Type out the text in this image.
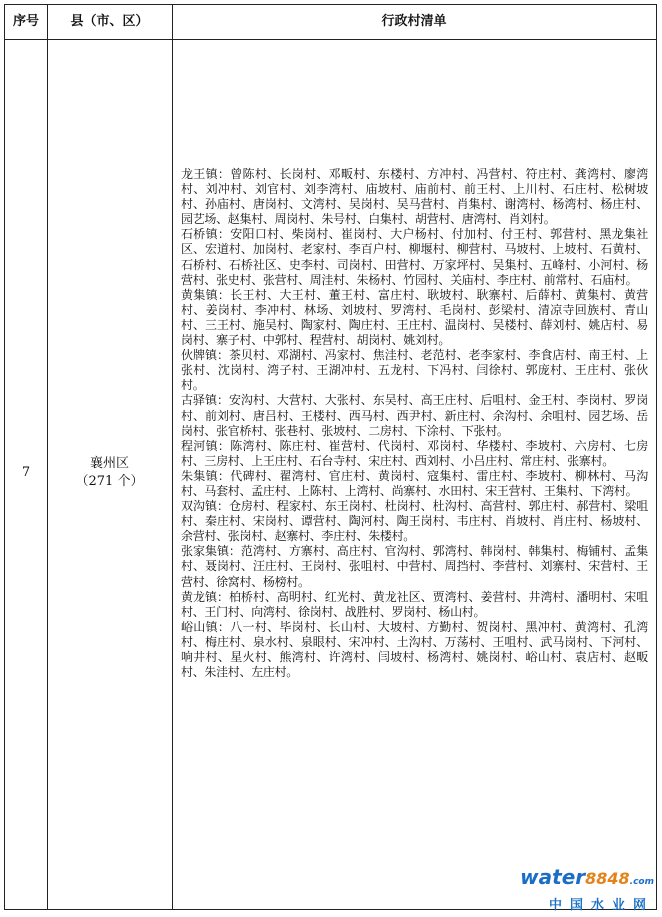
序号	县（市、区）	行政村清单
7
襄州区
（271 个）

龙王镇：曾陈村、长岗村、邓畈村、东楼村、方冲村、冯营村、符庄村、龚湾村、廖湾村、刘冲村、刘官村、刘李湾村、庙坡村、庙前村、前王村、上川村、石庄村、松树坡村、孙庙村、唐岗村、文湾村、吴岗村、吴马营村、肖集村、谢湾村、杨湾村、杨庄村、园艺场、赵集村、周岗村、朱号村、白集村、胡营村、唐湾村、肖刘村。

石桥镇：安阳口村、柴岗村、崔岗村、大户杨村、付加村、付王村、郭营村、黑龙集社区、宏道村、加岗村、老家村、李百户村、柳堰村、柳营村、马坡村、上坡村、石黄村、石桥村、石桥社区、史李村、司岗村、田营村、万家坪村、吴集村、五峰村、小河村、杨营村、张史村、张营村、周洼村、朱杨村、竹园村、关庙村、李庄村、前常村、石庙村。

黄集镇：长王村、大王村、董王村、富庄村、耿坡村、耿寨村、后薛村、黄集村、黄营村、姜岗村、李冲村、林场、刘坡村、罗湾村、毛岗村、彭梁村、清凉寺回族村、青山村、三王村、施吴村、陶家村、陶庄村、王庄村、温岗村、吴楼村、薛刘村、姚店村、易岗村、寨子村、中郭村、程营村、胡岗村、姚刘村。

伙牌镇：茶贝村、邓湖村、冯家村、焦洼村、老范村、老李家村、李食店村、南王村、上张村、沈岗村、湾子村、王湖冲村、五龙村、下冯村、闫徐村、郭庞村、王庄村、张伙村。

古驿镇：安沟村、大营村、大张村、东吴村、高王庄村、后咀村、金王村、李岗村、罗岗村、前刘村、唐吕村、王楼村、西马村、西尹村、新庄村、余沟村、余咀村、园艺场、岳岗村、张官桥村、张巷村、张坡村、二房村、下涂村、下张村。

程河镇：陈湾村、陈庄村、崔营村、代岗村、邓岗村、华楼村、李坡村、六房村、七房村、三房村、上王庄村、石台寺村、宋庄村、西刘村、小吕庄村、常庄村、张寨村。

朱集镇：代碑村、翟湾村、官庄村、黄岗村、寇集村、雷庄村、李坡村、柳林村、马沟村、马套村、孟庄村、上陈村、上湾村、尚寨村、水田村、宋王营村、王集村、下湾村。

双沟镇：仓房村、程家村、东王岗村、杜岗村、杜沟村、高营村、郭庄村、郝营村、梁咀村、秦庄村、宋岗村、谭营村、陶河村、陶王岗村、韦庄村、肖坡村、肖庄村、杨坡村、余营村、张岗村、赵寨村、李庄村、朱楼村。

张家集镇：范湾村、方寨村、高庄村、官沟村、郭湾村、韩岗村、韩集村、梅铺村、孟集村、聂岗村、汪庄村、王岗村、张咀村、中营村、周挡村、李营村、刘寨村、宋营村、王营村、徐窝村、杨榜村。

黄龙镇：柏桥村、高明村、红光村、黄龙社区、贾湾村、姜营村、井湾村、潘明村、宋咀村、王门村、向湾村、徐岗村、战胜村、罗岗村、杨山村。

峪山镇：八一村、毕岗村、长山村、大坡村、方勤村、贺岗村、黑冲村、黄湾村、孔湾村、梅庄村、泉水村、泉眼村、宋冲村、土沟村、万荡村、王咀村、武马岗村、下河村、响井村、星火村、熊湾村、许湾村、闫坡村、杨湾村、姚岗村、峪山村、袁店村、赵畈村、朱洼村、左庄村。

water8848.com
中国水业网
